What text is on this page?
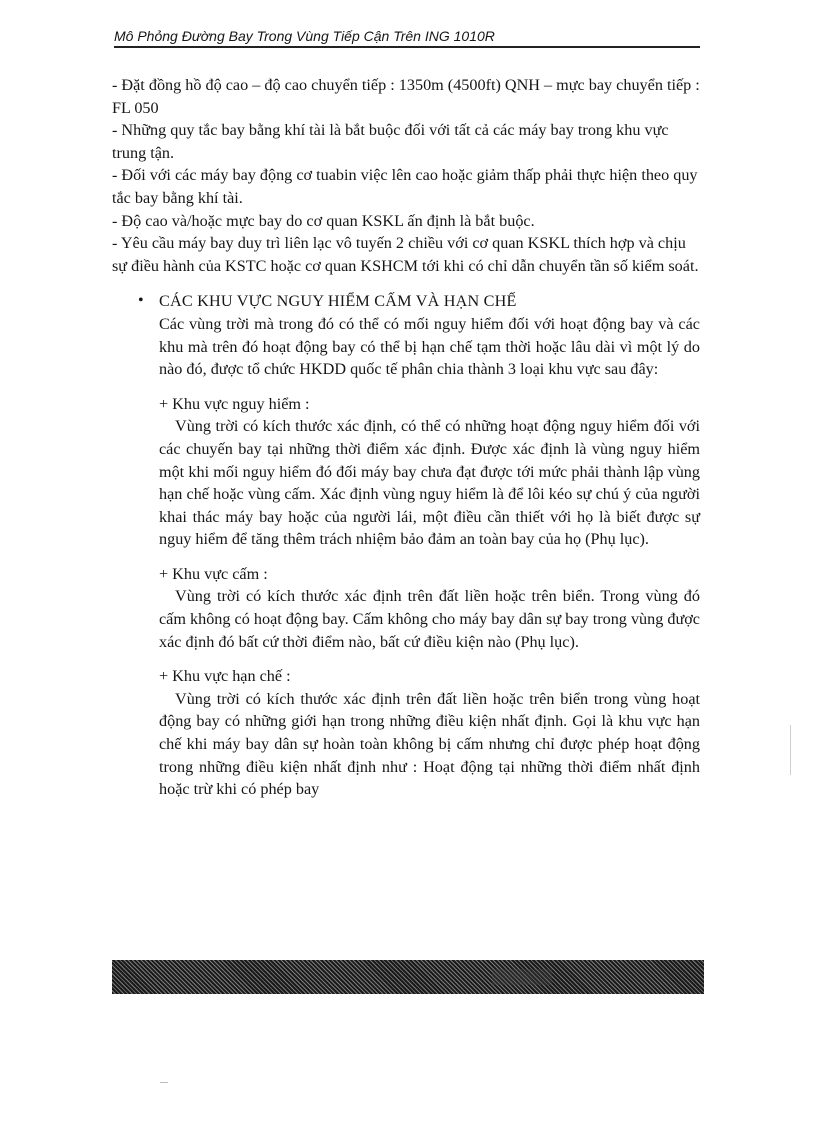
Mô Phỏng Đường Bay Trong Vùng Tiếp Cận Trên ING 1010R

- Đặt đồng hồ độ cao – độ cao chuyển tiếp : 1350m (4500ft) QNH – mực bay chuyển tiếp : FL 050

- Những quy tắc bay bằng khí tài là bắt buộc đối với tất cả các máy bay trong khu vực trung tận.

- Đối với các máy bay động cơ tuabin việc lên cao hoặc giảm thấp phải thực hiện theo quy tắc bay bằng khí tài.

- Độ cao và/hoặc mực bay do cơ quan KSKL ấn định là bắt buộc.

- Yêu cầu máy bay duy trì liên lạc vô tuyến 2 chiều với cơ quan KSKL thích hợp và chịu sự điều hành của KSTC hoặc cơ quan KSHCM tới khi có chỉ dẫn chuyển tần số kiểm soát.

• CÁC KHU VỰC NGUY HIỂM CẤM VÀ HẠN CHẾ

Các vùng trời mà trong đó có thể có mối nguy hiểm đối với hoạt động bay và các khu mà trên đó hoạt động bay có thể bị hạn chế tạm thời hoặc lâu dài vì một lý do nào đó, được tổ chức HKDD quốc tế phân chia thành 3 loại khu vực sau đây:

+ Khu vực nguy hiểm :

Vùng trời có kích thước xác định, có thể có những hoạt động nguy hiểm đối với các chuyến bay tại những thời điểm xác định. Được xác định là vùng nguy hiểm một khi mối nguy hiểm đó đối máy bay chưa đạt được tới mức phải thành lập vùng hạn chế hoặc vùng cấm. Xác định vùng nguy hiểm là để lôi kéo sự chú ý của người khai thác máy bay hoặc của người lái, một điều cần thiết với họ là biết được sự nguy hiểm để tăng thêm trách nhiệm bảo đảm an toàn bay của họ (Phụ lục).

+ Khu vực cấm :

Vùng trời có kích thước xác định trên đất liền hoặc trên biển. Trong vùng đó cấm không có hoạt động bay. Cấm không cho máy bay dân sự bay trong vùng được xác định đó bất cứ thời điểm nào, bất cứ điều kiện nào (Phụ lục).

+ Khu vực hạn chế :

Vùng trời có kích thước xác định trên đất liền hoặc trên biển trong vùng hoạt động bay có những giới hạn trong những điều kiện nhất định. Gọi là khu vực hạn chế khi máy bay dân sự hoàn toàn không bị cấm nhưng chỉ được phép hoạt động trong những điều kiện nhất định như : Hoạt động tại những thời điểm nhất định hoặc trừ khi có phép bay
